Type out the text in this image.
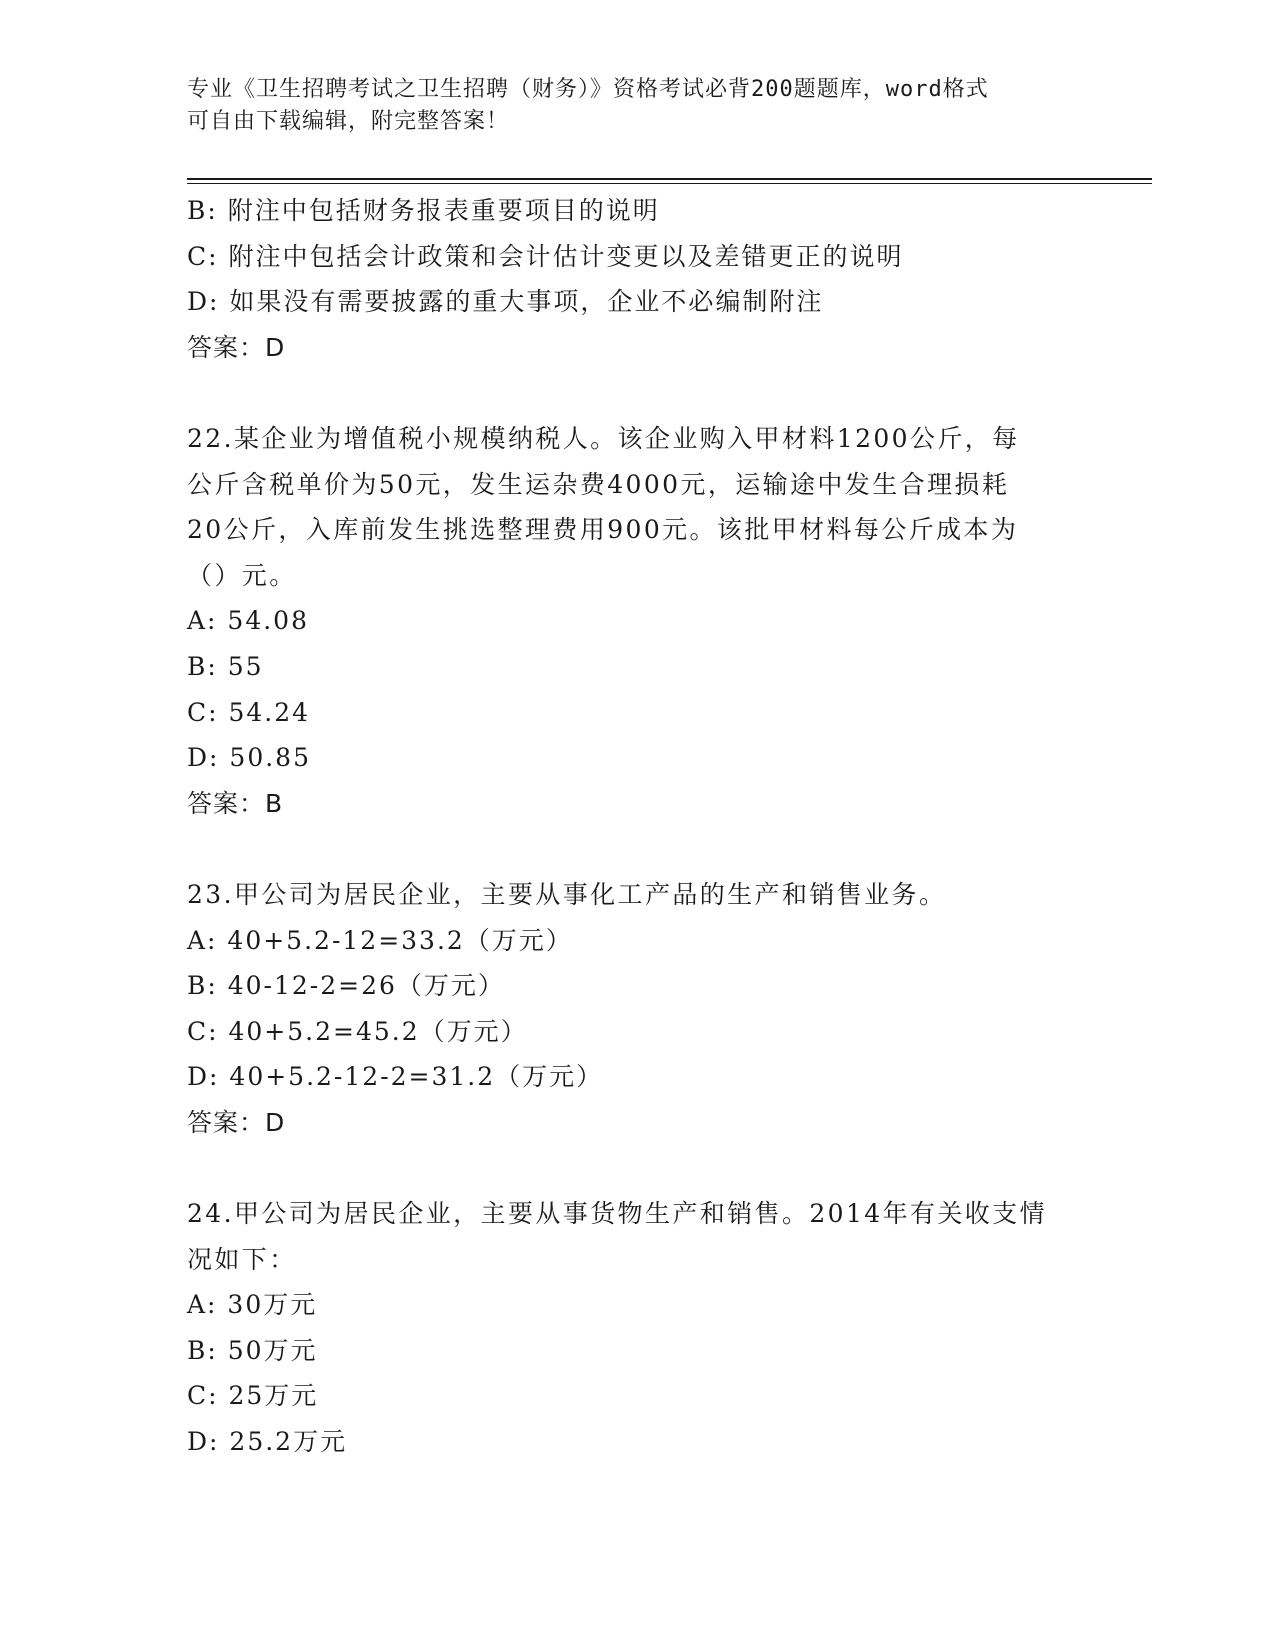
专业《卫生招聘考试之卫生招聘（财务）》资格考试必背200题题库，word格式
可自由下载编辑，附完整答案！
B: 附注中包括财务报表重要项目的说明
C: 附注中包括会计政策和会计估计变更以及差错更正的说明
D: 如果没有需要披露的重大事项，企业不必编制附注
答案：D
22.某企业为增值税小规模纳税人。该企业购入甲材料1200公斤，每
公斤含税单价为50元，发生运杂费4000元，运输途中发生合理损耗
20公斤，入库前发生挑选整理费用900元。该批甲材料每公斤成本为
（）元。
A: 54.08
B: 55
C: 54.24
D: 50.85
答案：B
23.甲公司为居民企业，主要从事化工产品的生产和销售业务。
A: 40+5.2-12=33.2（万元）
B: 40-12-2=26（万元）
C: 40+5.2=45.2（万元）
D: 40+5.2-12-2=31.2（万元）
答案：D
24.甲公司为居民企业，主要从事货物生产和销售。2014年有关收支情
况如下：
A: 30万元
B: 50万元
C: 25万元
D: 25.2万元
